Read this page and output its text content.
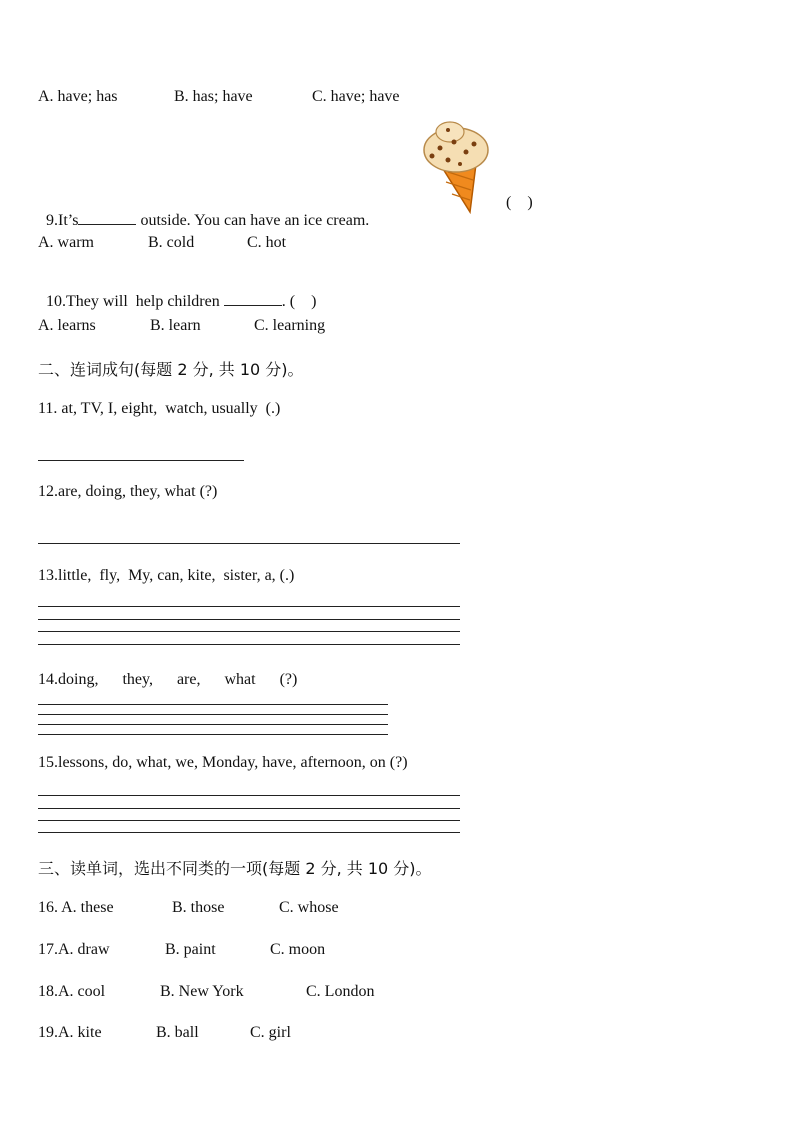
A. have; has	B. has; have	C. have; have

9.It’s	outside. You can have an ice cream.

(    )
A. warm	B. cold	C. hot

10.They will  help children	. (    )

A. learns	B. learn	C. learning
二、连词成句(每题 2 分, 共 10 分)。
11. at, TV, I, eight,  watch, usually  (.)
12.are, doing, they, what (?)
13.little,  fly,  My, can, kite,  sister, a, (.)
14.doing,      they,      are,      what      (?)
15.lessons, do, what, we, Monday, have, afternoon, on (?)
三、读单词，选出不同类的一项(每题 2 分, 共 10 分)。
16. A. these	B. those	C. whose
17.A. draw	B. paint	C. moon
18.A. cool	B. New York	C. London
19.A. kite	B. ball	C. girl
